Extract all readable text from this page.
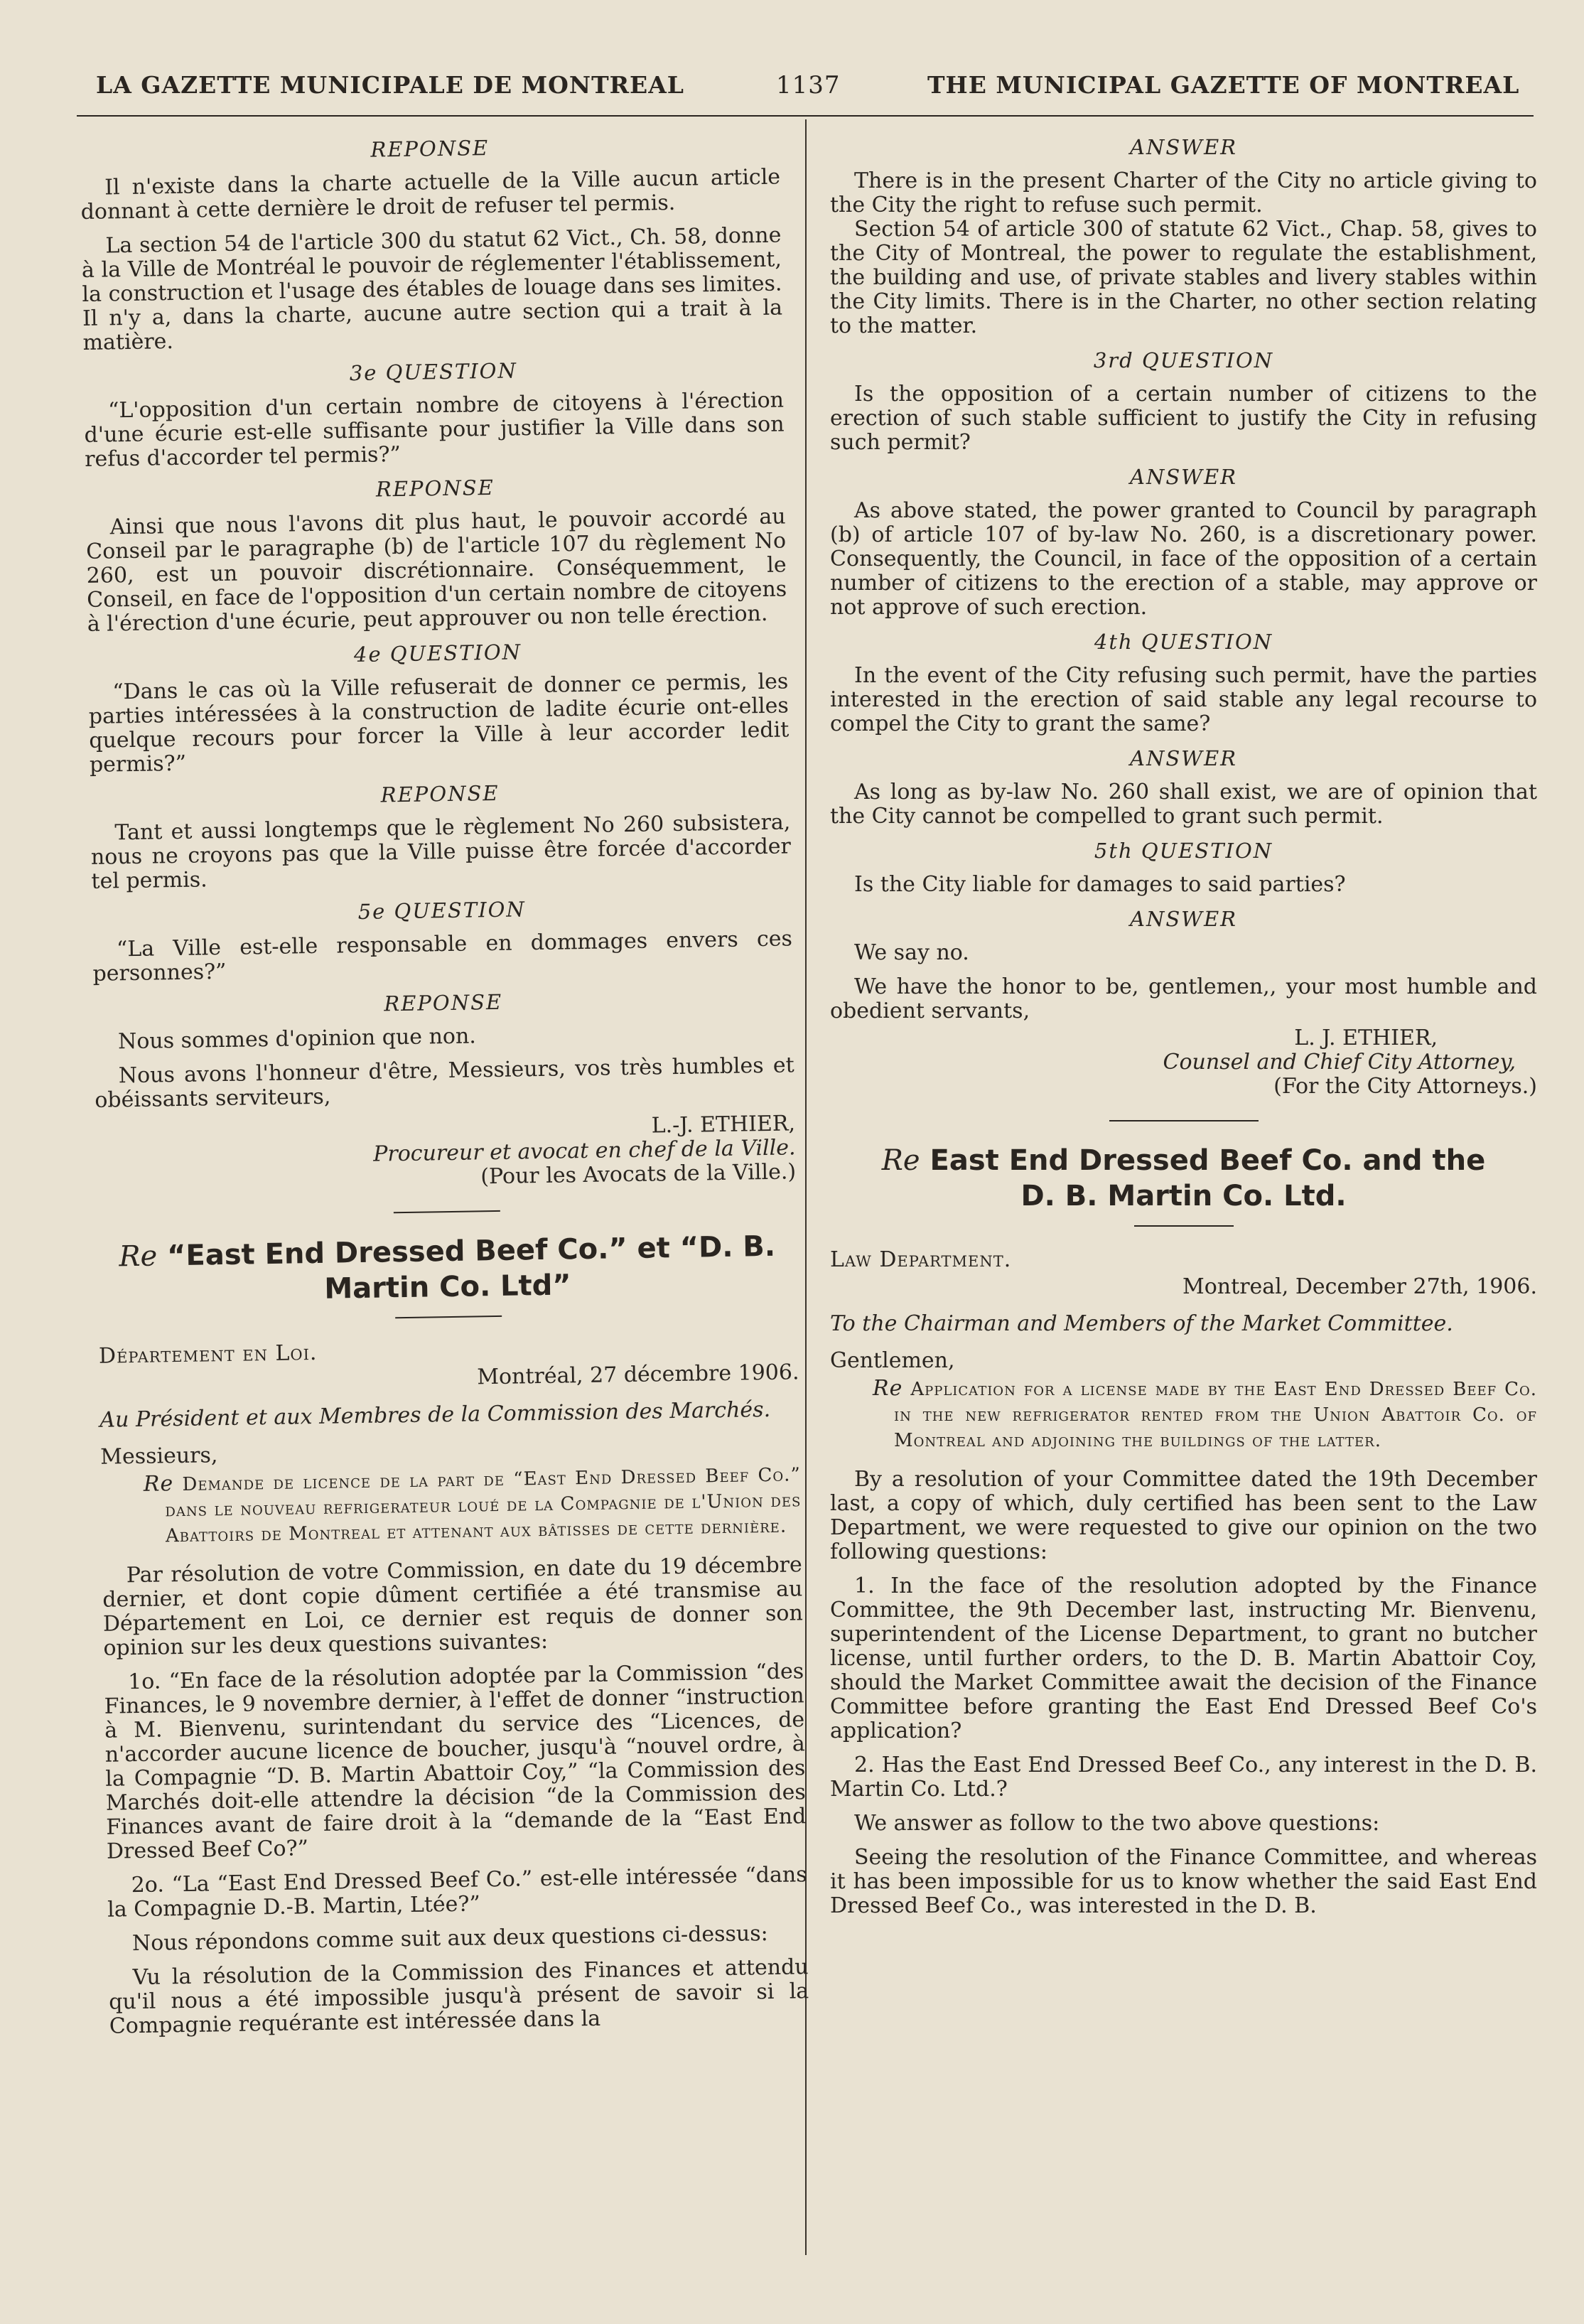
LA GAZETTE MUNICIPALE DE MONTREAL	1137	THE MUNICIPAL GAZETTE OF MONTREAL
REPONSE

Il n'existe dans la charte actuelle de la Ville aucun article donnant à cette dernière le droit de refuser tel permis.

La section 54 de l'article 300 du statut 62 Vict., Ch. 58, donne à la Ville de Montréal le pouvoir de réglementer l'établissement, la construction et l'usage des étables de louage dans ses limites. Il n'y a, dans la charte, aucune autre section qui a trait à la matière.

3e QUESTION

“L'opposition d'un certain nombre de citoyens à l'érection d'une écurie est-elle suffisante pour justifier la Ville dans son refus d'accorder tel permis?”

REPONSE

Ainsi que nous l'avons dit plus haut, le pouvoir accordé au Conseil par le paragraphe (b) de l'article 107 du règlement No 260, est un pouvoir discrétionnaire. Conséquemment, le Conseil, en face de l'opposition d'un certain nombre de citoyens à l'érection d'une écurie, peut approuver ou non telle érection.

4e QUESTION

“Dans le cas où la Ville refuserait de donner ce permis, les parties intéressées à la construction de ladite écurie ont-elles quelque recours pour forcer la Ville à leur accorder ledit permis?”

REPONSE

Tant et aussi longtemps que le règlement No 260 subsistera, nous ne croyons pas que la Ville puisse être forcée d'accorder tel permis.

5e QUESTION

“La Ville est-elle responsable en dommages envers ces personnes?”

REPONSE

Nous sommes d'opinion que non.

Nous avons l'honneur d'être, Messieurs, vos très humbles et obéissants serviteurs,

L.-J. ETHIER,

Procureur et avocat en chef de la Ville.

(Pour les Avocats de la Ville.)

Re “East End Dressed Beef Co.” et “D. B.
Martin Co. Ltd”

Département en Loi.

Montréal, 27 décembre 1906.

Au Président et aux Membres de la Commission des Marchés.

Messieurs,

Re Demande de licence de la part de “East End Dressed Beef Co.” dans le nouveau refrigerateur loué de la Compagnie de l'Union des Abattoirs de Montreal et attenant aux bâtisses de cette dernière.

Par résolution de votre Commission, en date du 19 décembre dernier, et dont copie dûment certifiée a été transmise au Département en Loi, ce dernier est requis de donner son opinion sur les deux questions suivantes:

1o. “En face de la résolution adoptée par la Commission “des Finances, le 9 novembre dernier, à l'effet de donner “instruction à M. Bienvenu, surintendant du service des “Licences, de n'accorder aucune licence de boucher, jusqu'à “nouvel ordre, à la Compagnie “D. B. Martin Abattoir Coy,” “la Commission des Marchés doit-elle attendre la décision “de la Commission des Finances avant de faire droit à la “demande de la “East End Dressed Beef Co?”

2o. “La “East End Dressed Beef Co.” est-elle intéressée “dans la Compagnie D.-B. Martin, Ltée?”

Nous répondons comme suit aux deux questions ci-dessus:

Vu la résolution de la Commission des Finances et attendu qu'il nous a été impossible jusqu'à présent de savoir si la Compagnie requérante est intéressée dans la

ANSWER

There is in the present Charter of the City no article giving to the City the right to refuse such permit.

Section 54 of article 300 of statute 62 Vict., Chap. 58, gives to the City of Montreal, the power to regulate the establishment, the building and use, of private stables and livery stables within the City limits. There is in the Charter, no other section relating to the matter.

3rd QUESTION

Is the opposition of a certain number of citizens to the erection of such stable sufficient to justify the City in refusing such permit?

ANSWER

As above stated, the power granted to Council by paragraph (b) of article 107 of by-law No. 260, is a discretionary power. Consequently, the Council, in face of the opposition of a certain number of citizens to the erection of a stable, may approve or not approve of such erection.

4th QUESTION

In the event of the City refusing such permit, have the parties interested in the erection of said stable any legal recourse to compel the City to grant the same?

ANSWER

As long as by-law No. 260 shall exist, we are of opinion that the City cannot be compelled to grant such permit.

5th QUESTION

Is the City liable for damages to said parties?

ANSWER

We say no.

We have the honor to be, gentlemen,, your most humble and obedient servants,

L. J. ETHIER,

Counsel and Chief City Attorney,

(For the City Attorneys.)

Re East End Dressed Beef Co. and the
D. B. Martin Co. Ltd.

Law Department.

Montreal, December 27th, 1906.

To the Chairman and Members of the Market Committee.

Gentlemen,

Re Application for a license made by the East End Dressed Beef Co. in the new refrigerator rented from the Union Abattoir Co. of Montreal and adjoining the buildings of the latter.

By a resolution of your Committee dated the 19th December last, a copy of which, duly certified has been sent to the Law Department, we were requested to give our opinion on the two following questions:

1. In the face of the resolution adopted by the Finance Committee, the 9th December last, instructing Mr. Bienvenu, superintendent of the License Department, to grant no butcher license, until further orders, to the D. B. Martin Abattoir Coy, should the Market Committee await the decision of the Finance Committee before granting the East End Dressed Beef Co's application?

2. Has the East End Dressed Beef Co., any interest in the D. B. Martin Co. Ltd.?

We answer as follow to the two above questions:

Seeing the resolution of the Finance Committee, and whereas it has been impossible for us to know whether the said East End Dressed Beef Co., was interested in the D. B.
